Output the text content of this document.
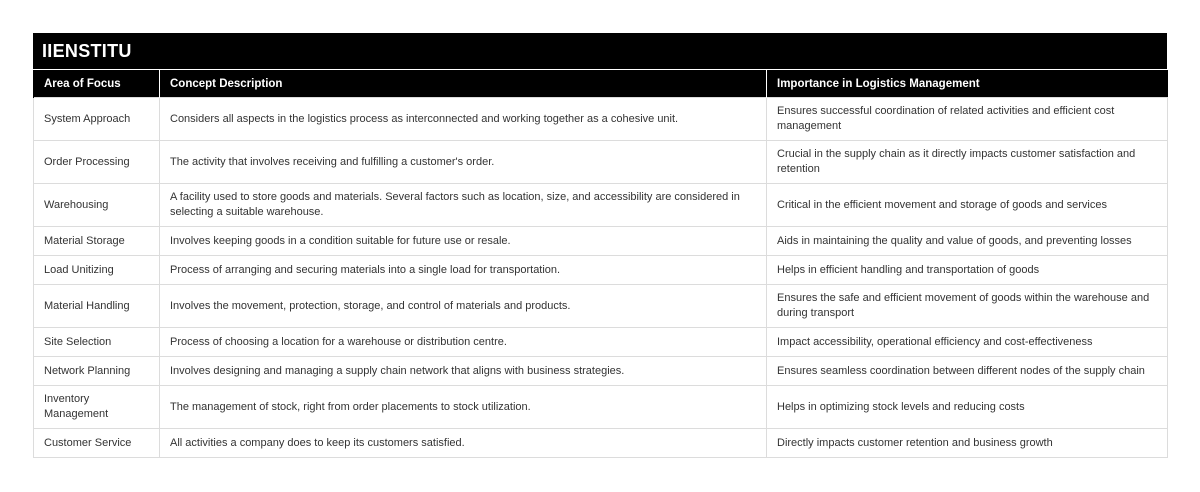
IIENSTITU
Area of Focus	Concept Description	Importance in Logistics Management
System Approach	Considers all aspects in the logistics process as interconnected and working together as a cohesive unit.	Ensures successful coordination of related activities and efficient cost management
Order Processing	The activity that involves receiving and fulfilling a customer's order.	Crucial in the supply chain as it directly impacts customer satisfaction and retention
Warehousing	A facility used to store goods and materials. Several factors such as location, size, and accessibility are considered in selecting a suitable warehouse.	Critical in the efficient movement and storage of goods and services
Material Storage	Involves keeping goods in a condition suitable for future use or resale.	Aids in maintaining the quality and value of goods, and preventing losses
Load Unitizing	Process of arranging and securing materials into a single load for transportation.	Helps in efficient handling and transportation of goods
Material Handling	Involves the movement, protection, storage, and control of materials and products.	Ensures the safe and efficient movement of goods within the warehouse and during transport
Site Selection	Process of choosing a location for a warehouse or distribution centre.	Impact accessibility, operational efficiency and cost-effectiveness
Network Planning	Involves designing and managing a supply chain network that aligns with business strategies.	Ensures seamless coordination between different nodes of the supply chain
Inventory Management	The management of stock, right from order placements to stock utilization.	Helps in optimizing stock levels and reducing costs
Customer Service	All activities a company does to keep its customers satisfied.	Directly impacts customer retention and business growth
